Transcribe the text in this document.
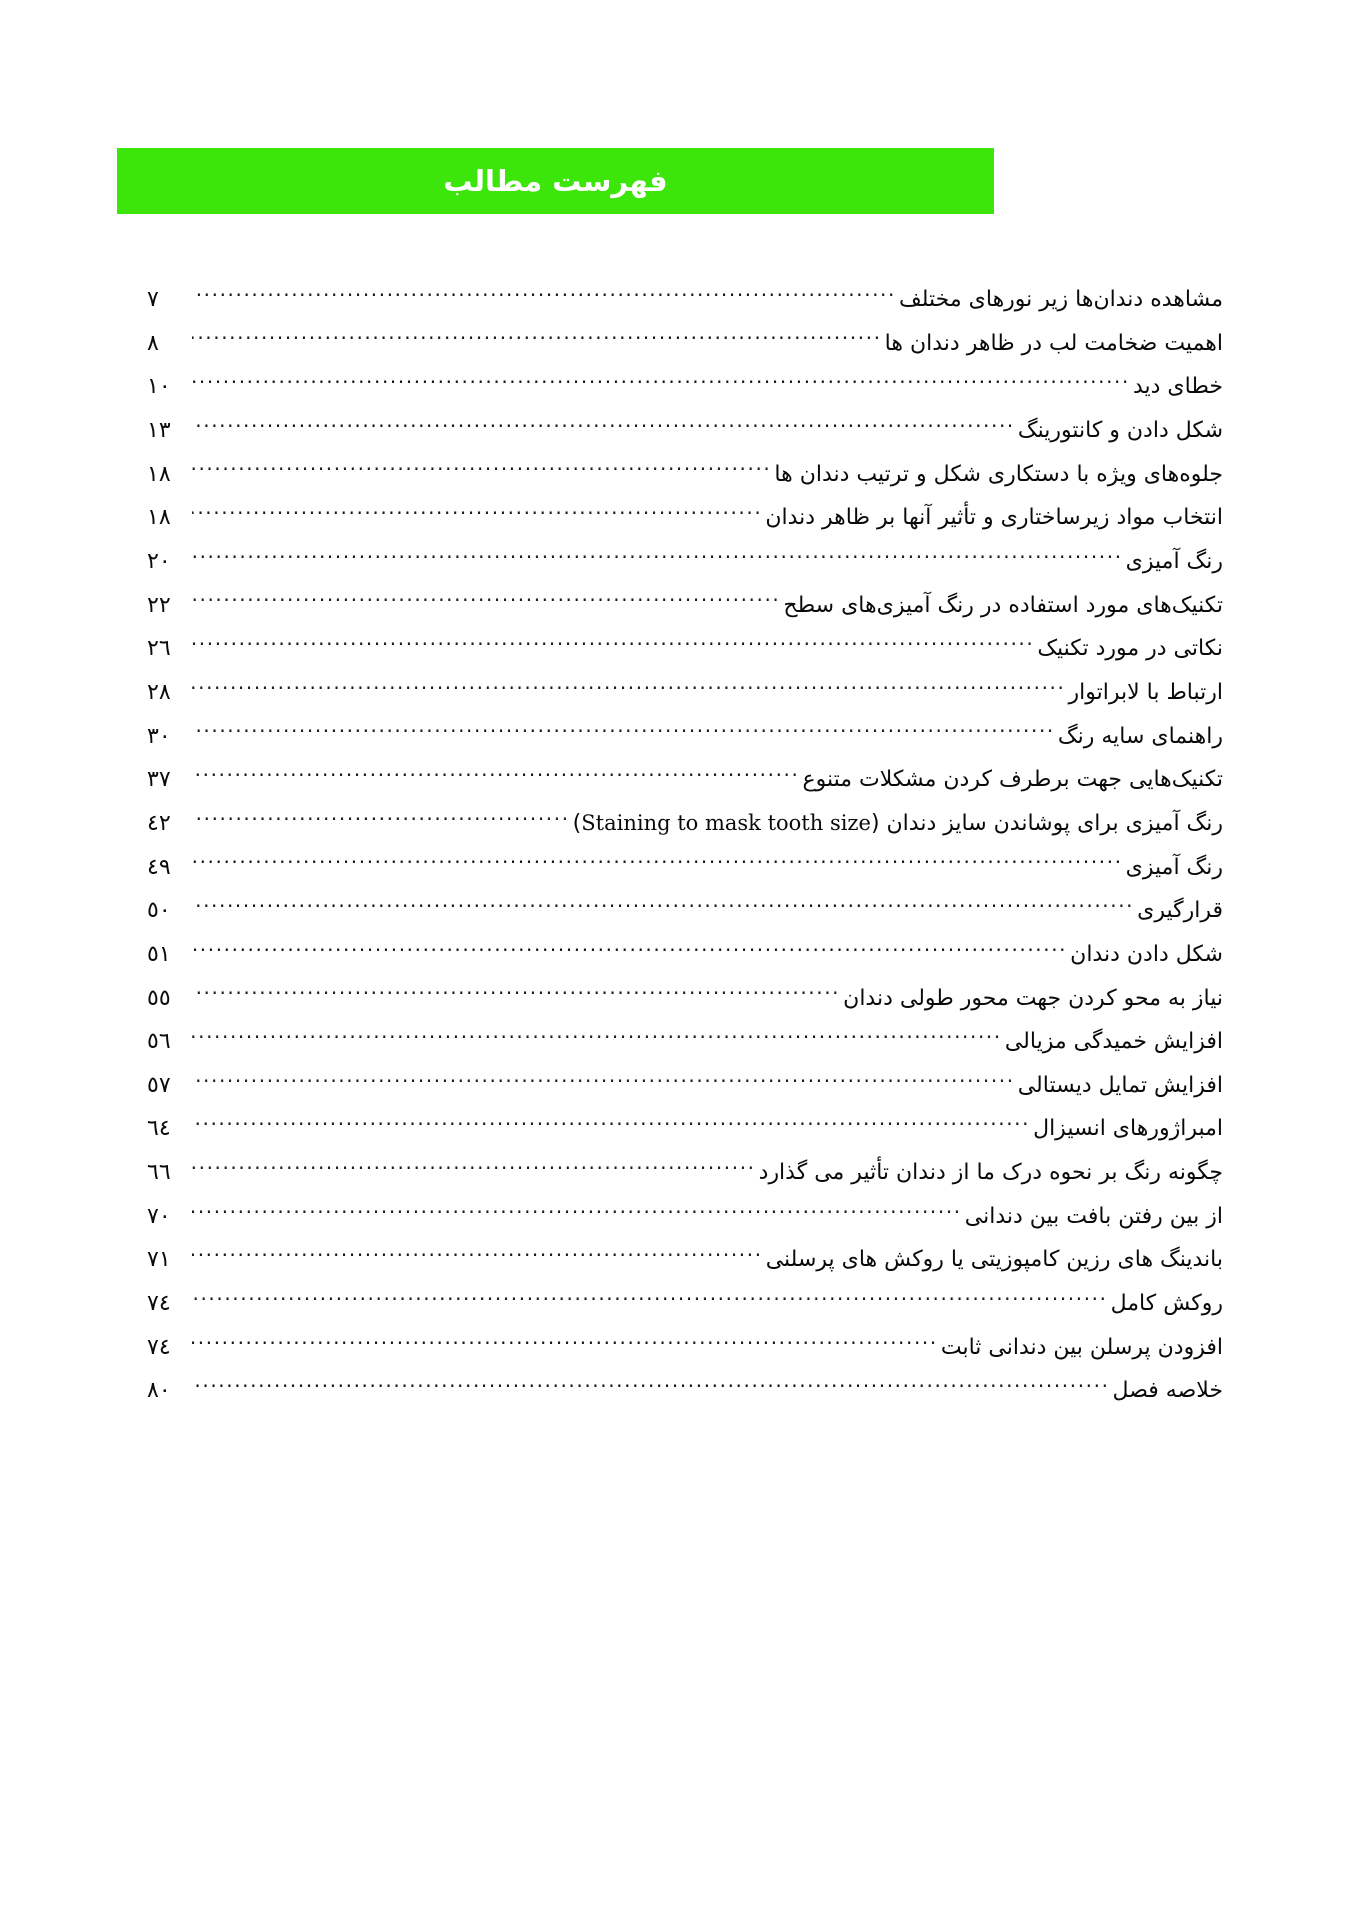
فهرست مطالب
مشاهده دندان‌ها زیر نورهای مختلف
.....
٧
اهمیت ضخامت لب در ظاهر دندان ها
.....
٨
خطای دید
.....
١٠
شکل دادن و کانتورینگ
.....
١٣
جلوه‌های ویژه با دستکاری شکل و ترتیب دندان ها
.....
١٨
انتخاب مواد زیرساختاری و تأثیر آنها بر ظاهر دندان
.....
١٨
رنگ آمیزی
.....
٢٠
تکنیک‌های مورد استفاده در رنگ آمیزی‌های سطح
.....
٢٢
نکاتی در مورد تکنیک
.....
٢٦
ارتباط با لابراتوار
.....
٢٨
راهنمای سایه رنگ
.....
٣٠
تکنیک‌هایی جهت برطرف کردن مشکلات متنوع
.....
٣٧
رنگ آمیزی برای پوشاندن سایز دندان (Staining to mask tooth size)
.....
٤٢
رنگ آمیزی
.....
٤٩
قرارگیری
.....
٥٠
شکل دادن دندان
.....
٥١
نیاز به محو کردن جهت محور طولی دندان
.....
٥٥
افزایش خمیدگی مزیالی
.....
٥٦
افزایش تمایل دیستالی
.....
٥٧
امبراژورهای انسیزال
.....
٦٤
چگونه رنگ بر نحوه درک ما از دندان تأثیر می گذارد
.....
٦٦
از بین رفتن بافت بین دندانی
.....
٧٠
باندینگ های رزین کامپوزیتی یا روکش های پرسلنی
.....
٧١
روکش کامل
.....
٧٤
افزودن پرسلن بین دندانی ثابت
.....
٧٤
خلاصه فصل
.....
٨٠
